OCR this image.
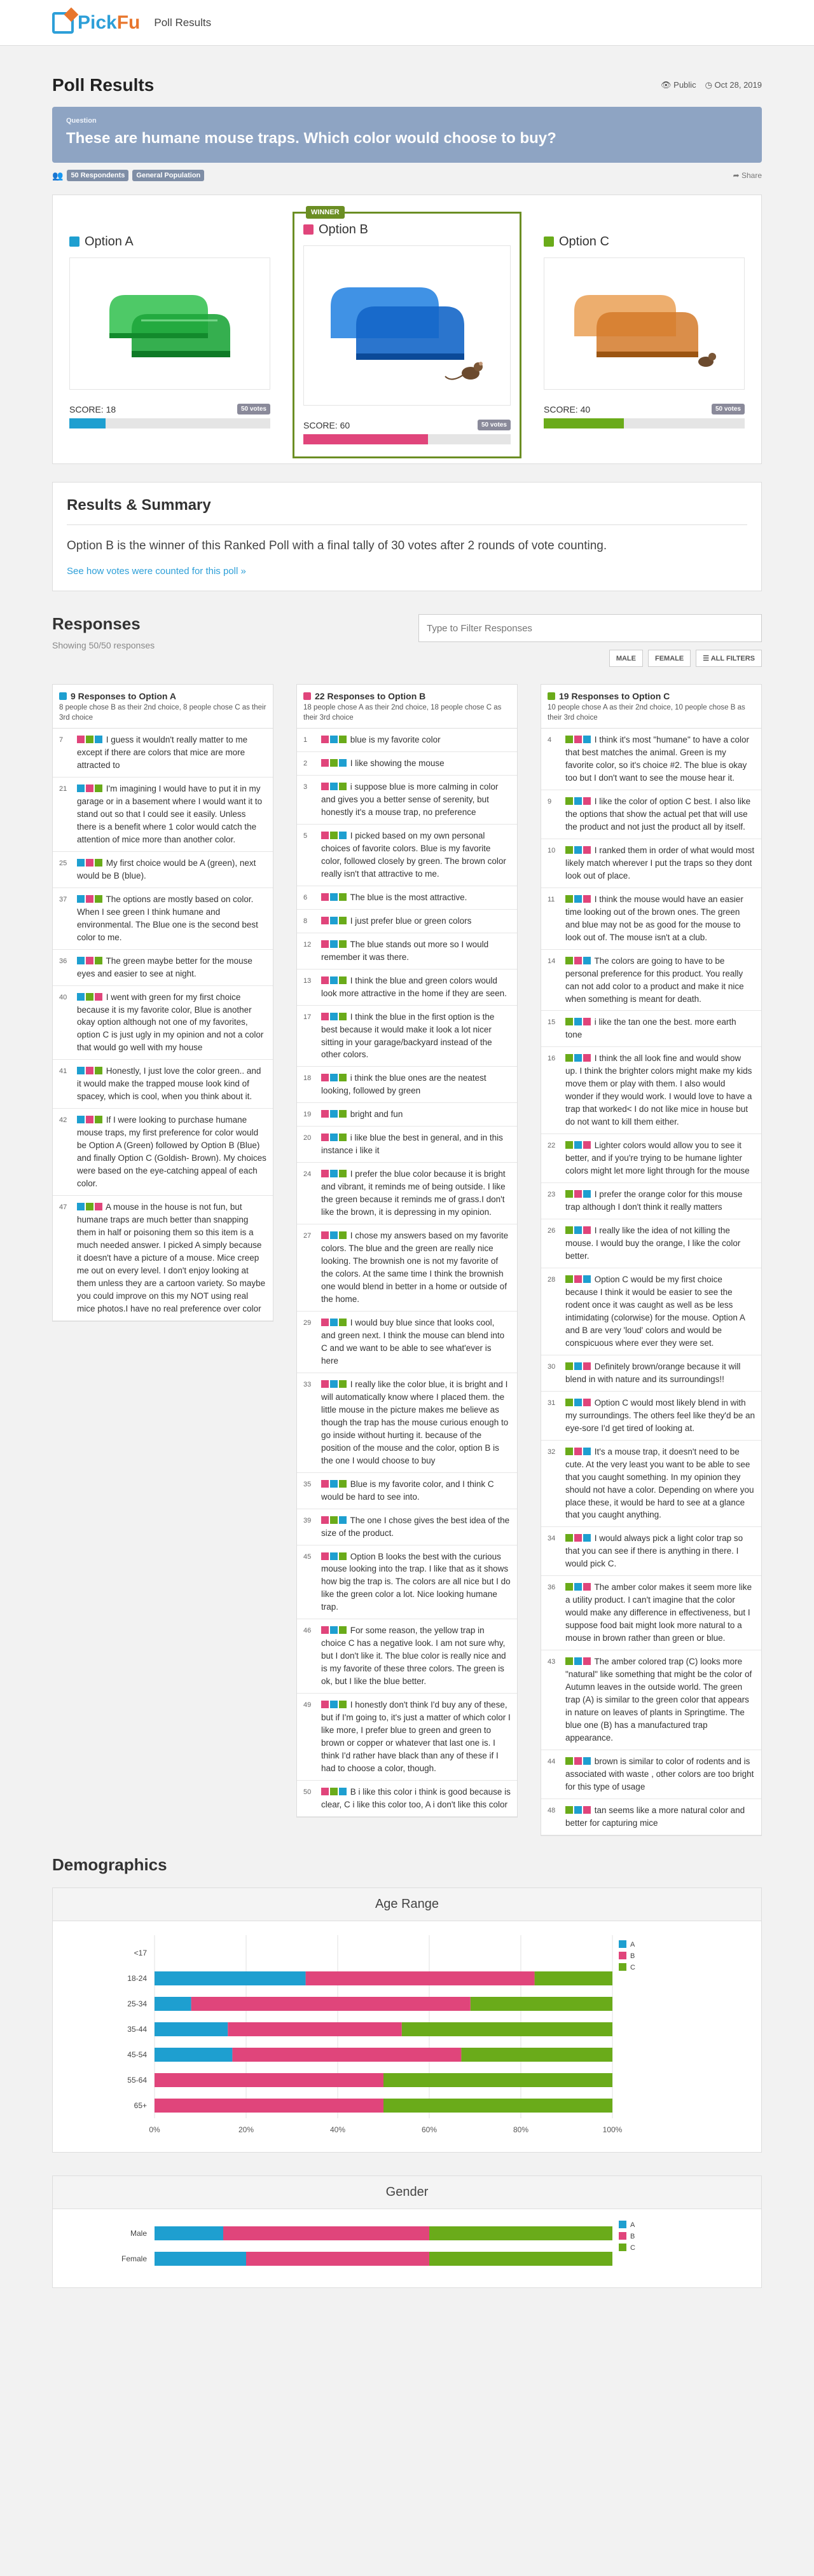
PickFu Poll Results
Poll Results	👁 Public ◷ Oct 28, 2019
Question
These are humane mouse traps. Which color would choose to buy?
👥	50 Respondents	General Population	➦ Share
Option A
SCORE: 18	50 votes
WINNER
Option B
SCORE: 60	50 votes
Option C
SCORE: 40	50 votes
Results & Summary
Option B is the winner of this Ranked Poll with a final tally of 30 votes after 2 rounds of vote counting.
See how votes were counted for this poll »
Responses
Showing 50/50 responses
Type to Filter Responses
MALE	FEMALE	☰ ALL FILTERS
9 Responses to Option A
8 people chose B as their 2nd choice, 8 people chose C as their 3rd choice
7	I guess it wouldn't really matter to me except if there are colors that mice are more attracted to
21	I'm imagining I would have to put it in my garage or in a basement where I would want it to stand out so that I could see it easily. Unless there is a benefit where 1 color would catch the attention of mice more than another color.
25	My first choice would be A (green), next would be B (blue).
37	The options are mostly based on color. When I see green I think humane and environmental. The Blue one is the second best color to me.
36	The green maybe better for the mouse eyes and easier to see at night.
40	I went with green for my first choice because it is my favorite color, Blue is another okay option although not one of my favorites, option C is just ugly in my opinion and not a color that would go well with my house
41	Honestly, I just love the color green.. and it would make the trapped mouse look kind of spacey, which is cool, when you think about it.
42	If I were looking to purchase humane mouse traps, my first preference for color would be Option A (Green) followed by Option B (Blue) and finally Option C (Goldish- Brown). My choices were based on the eye-catching appeal of each color.
47	A mouse in the house is not fun, but humane traps are much better than snapping them in half or poisoning them so this item is a much needed answer. I picked A simply because it doesn't have a picture of a mouse. Mice creep me out on every level. I don't enjoy looking at them unless they are a cartoon variety. So maybe you could improve on this my NOT using real mice photos.I have no real preference over color
22 Responses to Option B
18 people chose A as their 2nd choice, 18 people chose C as their 3rd choice
1	blue is my favorite color
2	I like showing the mouse
3	i suppose blue is more calming in color and gives you a better sense of serenity, but honestly it's a mouse trap, no preference
5	I picked based on my own personal choices of favorite colors. Blue is my favorite color, followed closely by green. The brown color really isn't that attractive to me.
6	The blue is the most attractive.
8	I just prefer blue or green colors
12	The blue stands out more so I would remember it was there.
13	I think the blue and green colors would look more attractive in the home if they are seen.
17	I think the blue in the first option is the best because it would make it look a lot nicer sitting in your garage/backyard instead of the other colors.
18	i think the blue ones are the neatest looking, followed by green
19	bright and fun
20	i like blue the best in general, and in this instance i like it
24	I prefer the blue color because it is bright and vibrant, it reminds me of being outside. I like the green because it reminds me of grass.I don't like the brown, it is depressing in my opinion.
27	I chose my answers based on my favorite colors. The blue and the green are really nice looking. The brownish one is not my favorite of the colors. At the same time I think the brownish one would blend in better in a home or outside of the home.
29	I would buy blue since that looks cool, and green next. I think the mouse can blend into C and we want to be able to see what'ever is here
33	I really like the color blue, it is bright and I will automatically know where I placed them. the little mouse in the picture makes me believe as though the trap has the mouse curious enough to go inside without hurting it. because of the position of the mouse and the color, option B is the one I would choose to buy
35	Blue is my favorite color, and I think C would be hard to see into.
39	The one I chose gives the best idea of the size of the product.
45	Option B looks the best with the curious mouse looking into the trap. I like that as it shows how big the trap is. The colors are all nice but I do like the green color a lot. Nice looking humane trap.
46	For some reason, the yellow trap in choice C has a negative look. I am not sure why, but I don't like it. The blue color is really nice and is my favorite of these three colors. The green is ok, but I like the blue better.
49	I honestly don't think I'd buy any of these, but if I'm going to, it's just a matter of which color I like more, I prefer blue to green and green to brown or copper or whatever that last one is. I think I'd rather have black than any of these if I had to choose a color, though.
50	B i like this color i think is good because is clear, C i like this color too, A i don't like this color
19 Responses to Option C
10 people chose A as their 2nd choice, 10 people chose B as their 3rd choice
4	I think it's most "humane" to have a color that best matches the animal. Green is my favorite color, so it's choice #2. The blue is okay too but I don't want to see the mouse hear it.
9	I like the color of option C best. I also like the options that show the actual pet that will use the product and not just the product all by itself.
10	I ranked them in order of what would most likely match wherever I put the traps so they dont look out of place.
11	I think the mouse would have an easier time looking out of the brown ones. The green and blue may not be as good for the mouse to look out of. The mouse isn't at a club.
14	The colors are going to have to be personal preference for this product. You really can not add color to a product and make it nice when something is meant for death.
15	i like the tan one the best. more earth tone
16	I think the all look fine and would show up. I think the brighter colors might make my kids move them or play with them. I also would wonder if they would work. I would love to have a trap that worked< I do not like mice in house but do not want to kill them either.
22	Lighter colors would allow you to see it better, and if you're trying to be humane lighter colors might let more light through for the mouse
23	I prefer the orange color for this mouse trap although I don't think it really matters
26	I really like the idea of not killing the mouse. I would buy the orange, I like the color better.
28	Option C would be my first choice because I think it would be easier to see the rodent once it was caught as well as be less intimidating (colorwise) for the mouse. Option A and B are very 'loud' colors and would be conspicuous where ever they were set.
30	Definitely brown/orange because it will blend in with nature and its surroundings!!
31	Option C would most likely blend in with my surroundings. The others feel like they'd be an eye-sore I'd get tired of looking at.
32	It's a mouse trap, it doesn't need to be cute. At the very least you want to be able to see that you caught something. In my opinion they should not have a color. Depending on where you place these, it would be hard to see at a glance that you caught anything.
34	I would always pick a light color trap so that you can see if there is anything in there. I would pick C.
36	The amber color makes it seem more like a utility product. I can't imagine that the color would make any difference in effectiveness, but I suppose food bait might look more natural to a mouse in brown rather than green or blue.
43	The amber colored trap (C) looks more "natural" like something that might be the color of Autumn leaves in the outside world. The green trap (A) is similar to the green color that appears in nature on leaves of plants in Springtime. The blue one (B) has a manufactured trap appearance.
44	brown is similar to color of rodents and is associated with waste , other colors are too bright for this type of usage
48	tan seems like a more natural color and better for capturing mice
Demographics
Age Range
0%	20%	40%	60%	80%	100%
<17
18-24
25-34
35-44
45-54
55-64
65+
A
B
C
Gender
Male
Female
A
B
C
